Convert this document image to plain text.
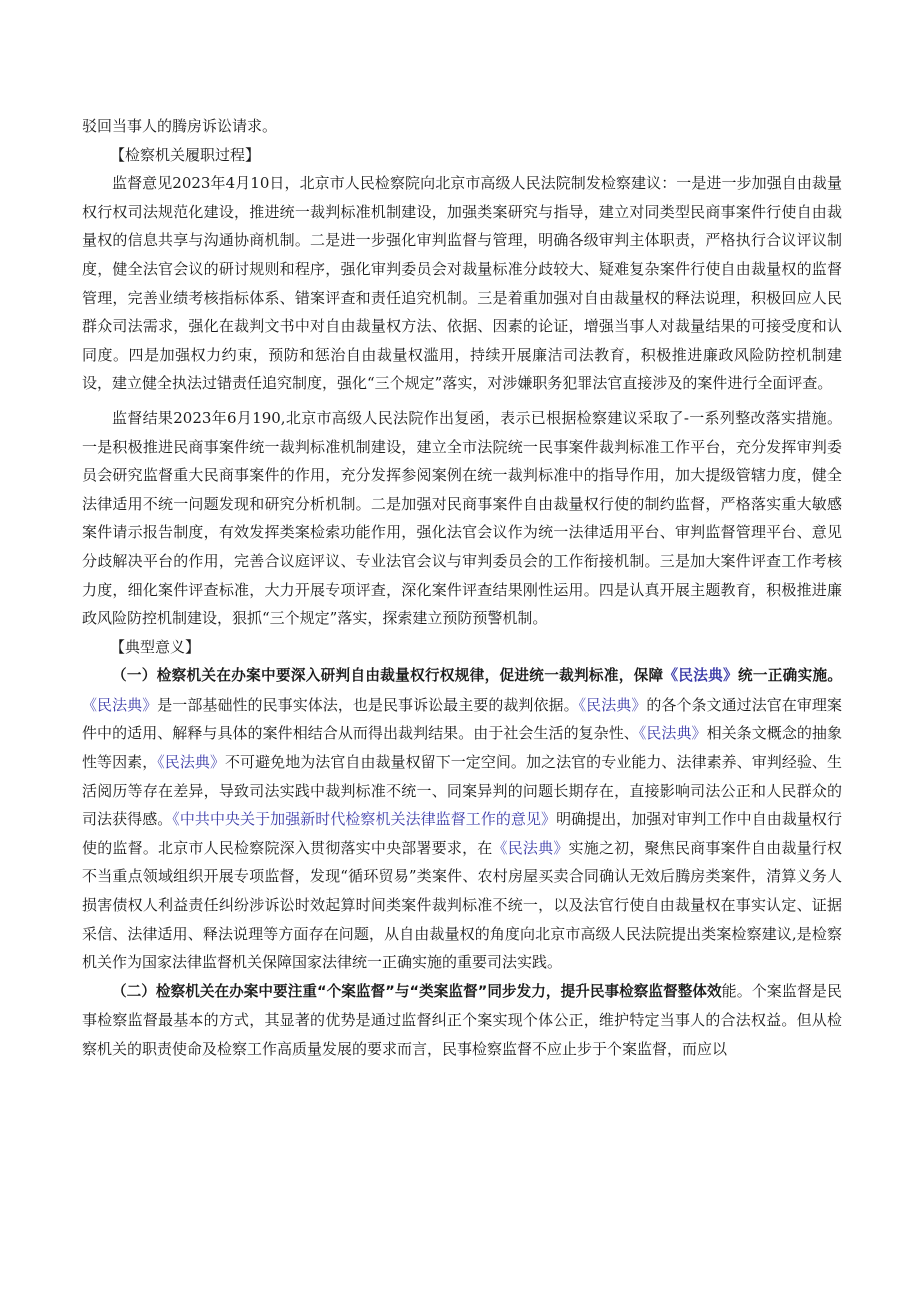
驳回当事人的腾房诉讼请求。

【检察机关履职过程】

监督意见2023年4月10日，北京市人民检察院向北京市高级人民法院制发检察建议：一是进一步加强自由裁量权行权司法规范化建设，推进统一裁判标准机制建设，加强类案研究与指导，建立对同类型民商事案件行使自由裁量权的信息共享与沟通协商机制。二是进一步强化审判监督与管理，明确各级审判主体职责，严格执行合议评议制度，健全法官会议的研讨规则和程序，强化审判委员会对裁量标准分歧较大、疑难复杂案件行使自由裁量权的监督管理，完善业绩考核指标体系、错案评查和责任追究机制。三是着重加强对自由裁量权的释法说理，积极回应人民群众司法需求，强化在裁判文书中对自由裁量权方法、依据、因素的论证，增强当事人对裁量结果的可接受度和认同度。四是加强权力约束，预防和惩治自由裁量权滥用，持续开展廉洁司法教育，积极推进廉政风险防控机制建设，建立健全执法过错责任追究制度，强化“三个规定”落实，对涉嫌职务犯罪法官直接涉及的案件进行全面评查。

监督结果2023年6月190,北京市高级人民法院作出复函，表示已根据检察建议采取了-一系列整改落实措施。一是积极推进民商事案件统一裁判标准机制建设，建立全市法院统一民事案件裁判标准工作平台，充分发挥审判委员会研究监督重大民商事案件的作用，充分发挥参阅案例在统一裁判标准中的指导作用，加大提级管辖力度，健全法律适用不统一问题发现和研究分析机制。二是加强对民商事案件自由裁量权行使的制约监督，严格落实重大敏感案件请示报告制度，有效发挥类案检索功能作用，强化法官会议作为统一法律适用平台、审判监督管理平台、意见分歧解决平台的作用，完善合议庭评议、专业法官会议与审判委员会的工作衔接机制。三是加大案件评查工作考核力度，细化案件评查标准，大力开展专项评查，深化案件评查结果刚性运用。四是认真开展主题教育，积极推进廉政风险防控机制建设，狠抓“三个规定”落实，探索建立预防预警机制。

【典型意义】

（一）检察机关在办案中要深入研判自由裁量权行权规律，促进统一裁判标准，保障《民法典》统一正确实施。《民法典》是一部基础性的民事实体法，也是民事诉讼最主要的裁判依据。《民法典》的各个条文通过法官在审理案件中的适用、解释与具体的案件相结合从而得出裁判结果。由于社会生活的复杂性、《民法典》相关条文概念的抽象性等因素，《民法典》不可避免地为法官自由裁量权留下一定空间。加之法官的专业能力、法律素养、审判经验、生活阅历等存在差异，导致司法实践中裁判标准不统一、同案异判的问题长期存在，直接影响司法公正和人民群众的司法获得感。《中共中央关于加强新时代检察机关法律监督工作的意见》明确提出，加强对审判工作中自由裁量权行使的监督。北京市人民检察院深入贯彻落实中央部署要求，在《民法典》实施之初，聚焦民商事案件自由裁量行权不当重点领域组织开展专项监督，发现“循环贸易”类案件、农村房屋买卖合同确认无效后腾房类案件，清算义务人损害债权人利益责任纠纷涉诉讼时效起算时间类案件裁判标准不统一，以及法官行使自由裁量权在事实认定、证据采信、法律适用、释法说理等方面存在问题，从自由裁量权的角度向北京市高级人民法院提出类案检察建议,是检察机关作为国家法律监督机关保障国家法律统一正确实施的重要司法实践。

（二）检察机关在办案中要注重“个案监督”与“类案监督”同步发力，提升民事检察监督整体效能。个案监督是民事检察监督最基本的方式，其显著的优势是通过监督纠正个案实现个体公正，维护特定当事人的合法权益。但从检察机关的职责使命及检察工作高质量发展的要求而言，民事检察监督不应止步于个案监督，而应以
